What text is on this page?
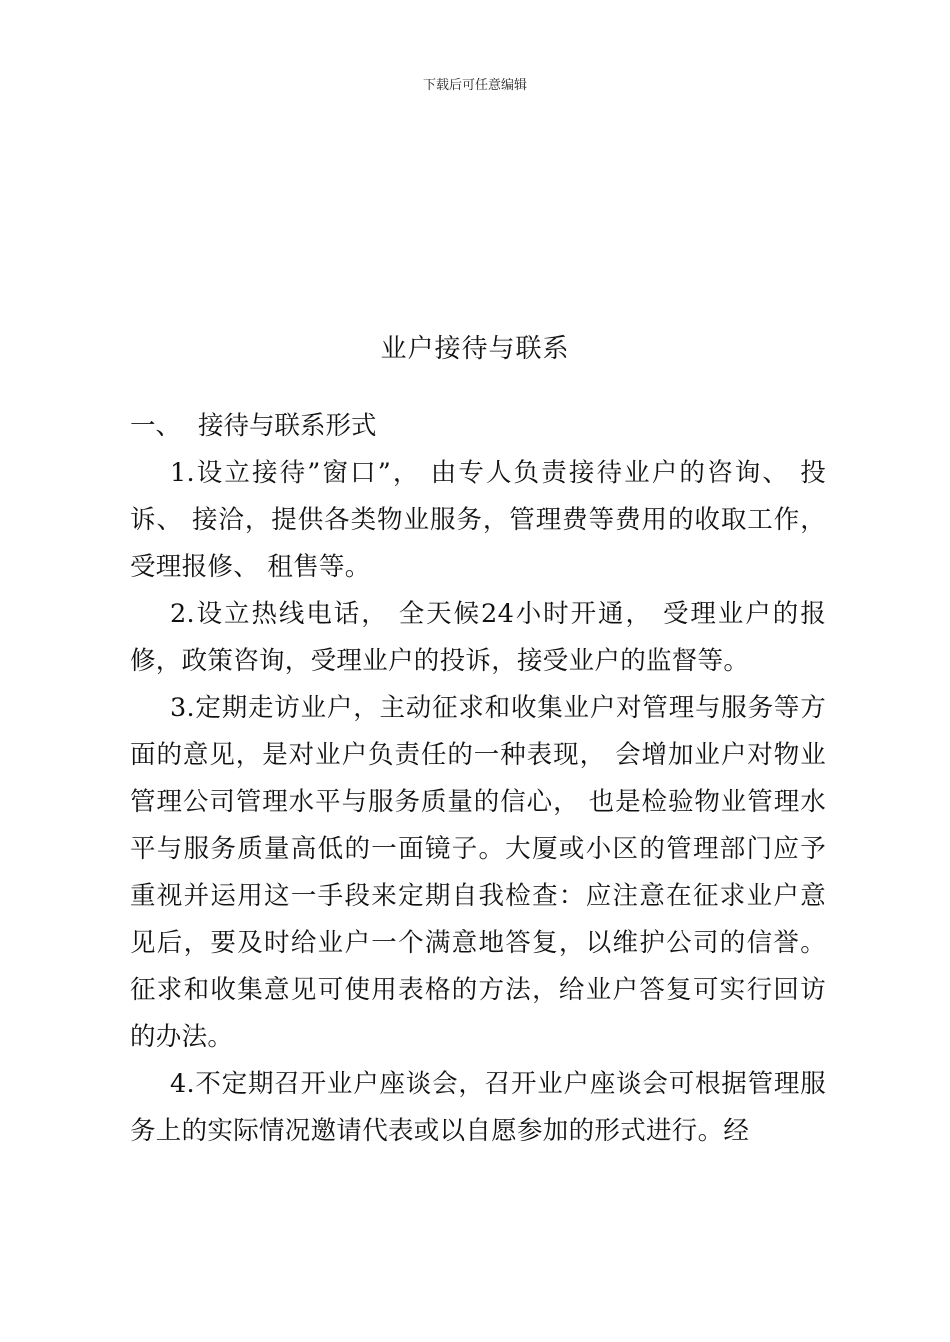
下载后可任意编辑
业户接待与联系

一、 接待与联系形式

1.设立接待”窗口”， 由专人负责接待业户的咨询、 投诉、 接洽，提供各类物业服务，管理费等费用的收取工作，受理报修、 租售等。

2.设立热线电话， 全天候24小时开通， 受理业户的报修，政策咨询，受理业户的投诉，接受业户的监督等。

3.定期走访业户，主动征求和收集业户对管理与服务等方面的意见，是对业户负责任的一种表现， 会增加业户对物业管理公司管理水平与服务质量的信心， 也是检验物业管理水平与服务质量高低的一面镜子。大厦或小区的管理部门应予重视并运用这一手段来定期自我检查：应注意在征求业户意见后，要及时给业户一个满意地答复，以维护公司的信誉。征求和收集意见可使用表格的方法，给业户答复可实行回访的办法。

4.不定期召开业户座谈会，召开业户座谈会可根据管理服务上的实际情况邀请代表或以自愿参加的形式进行。经
